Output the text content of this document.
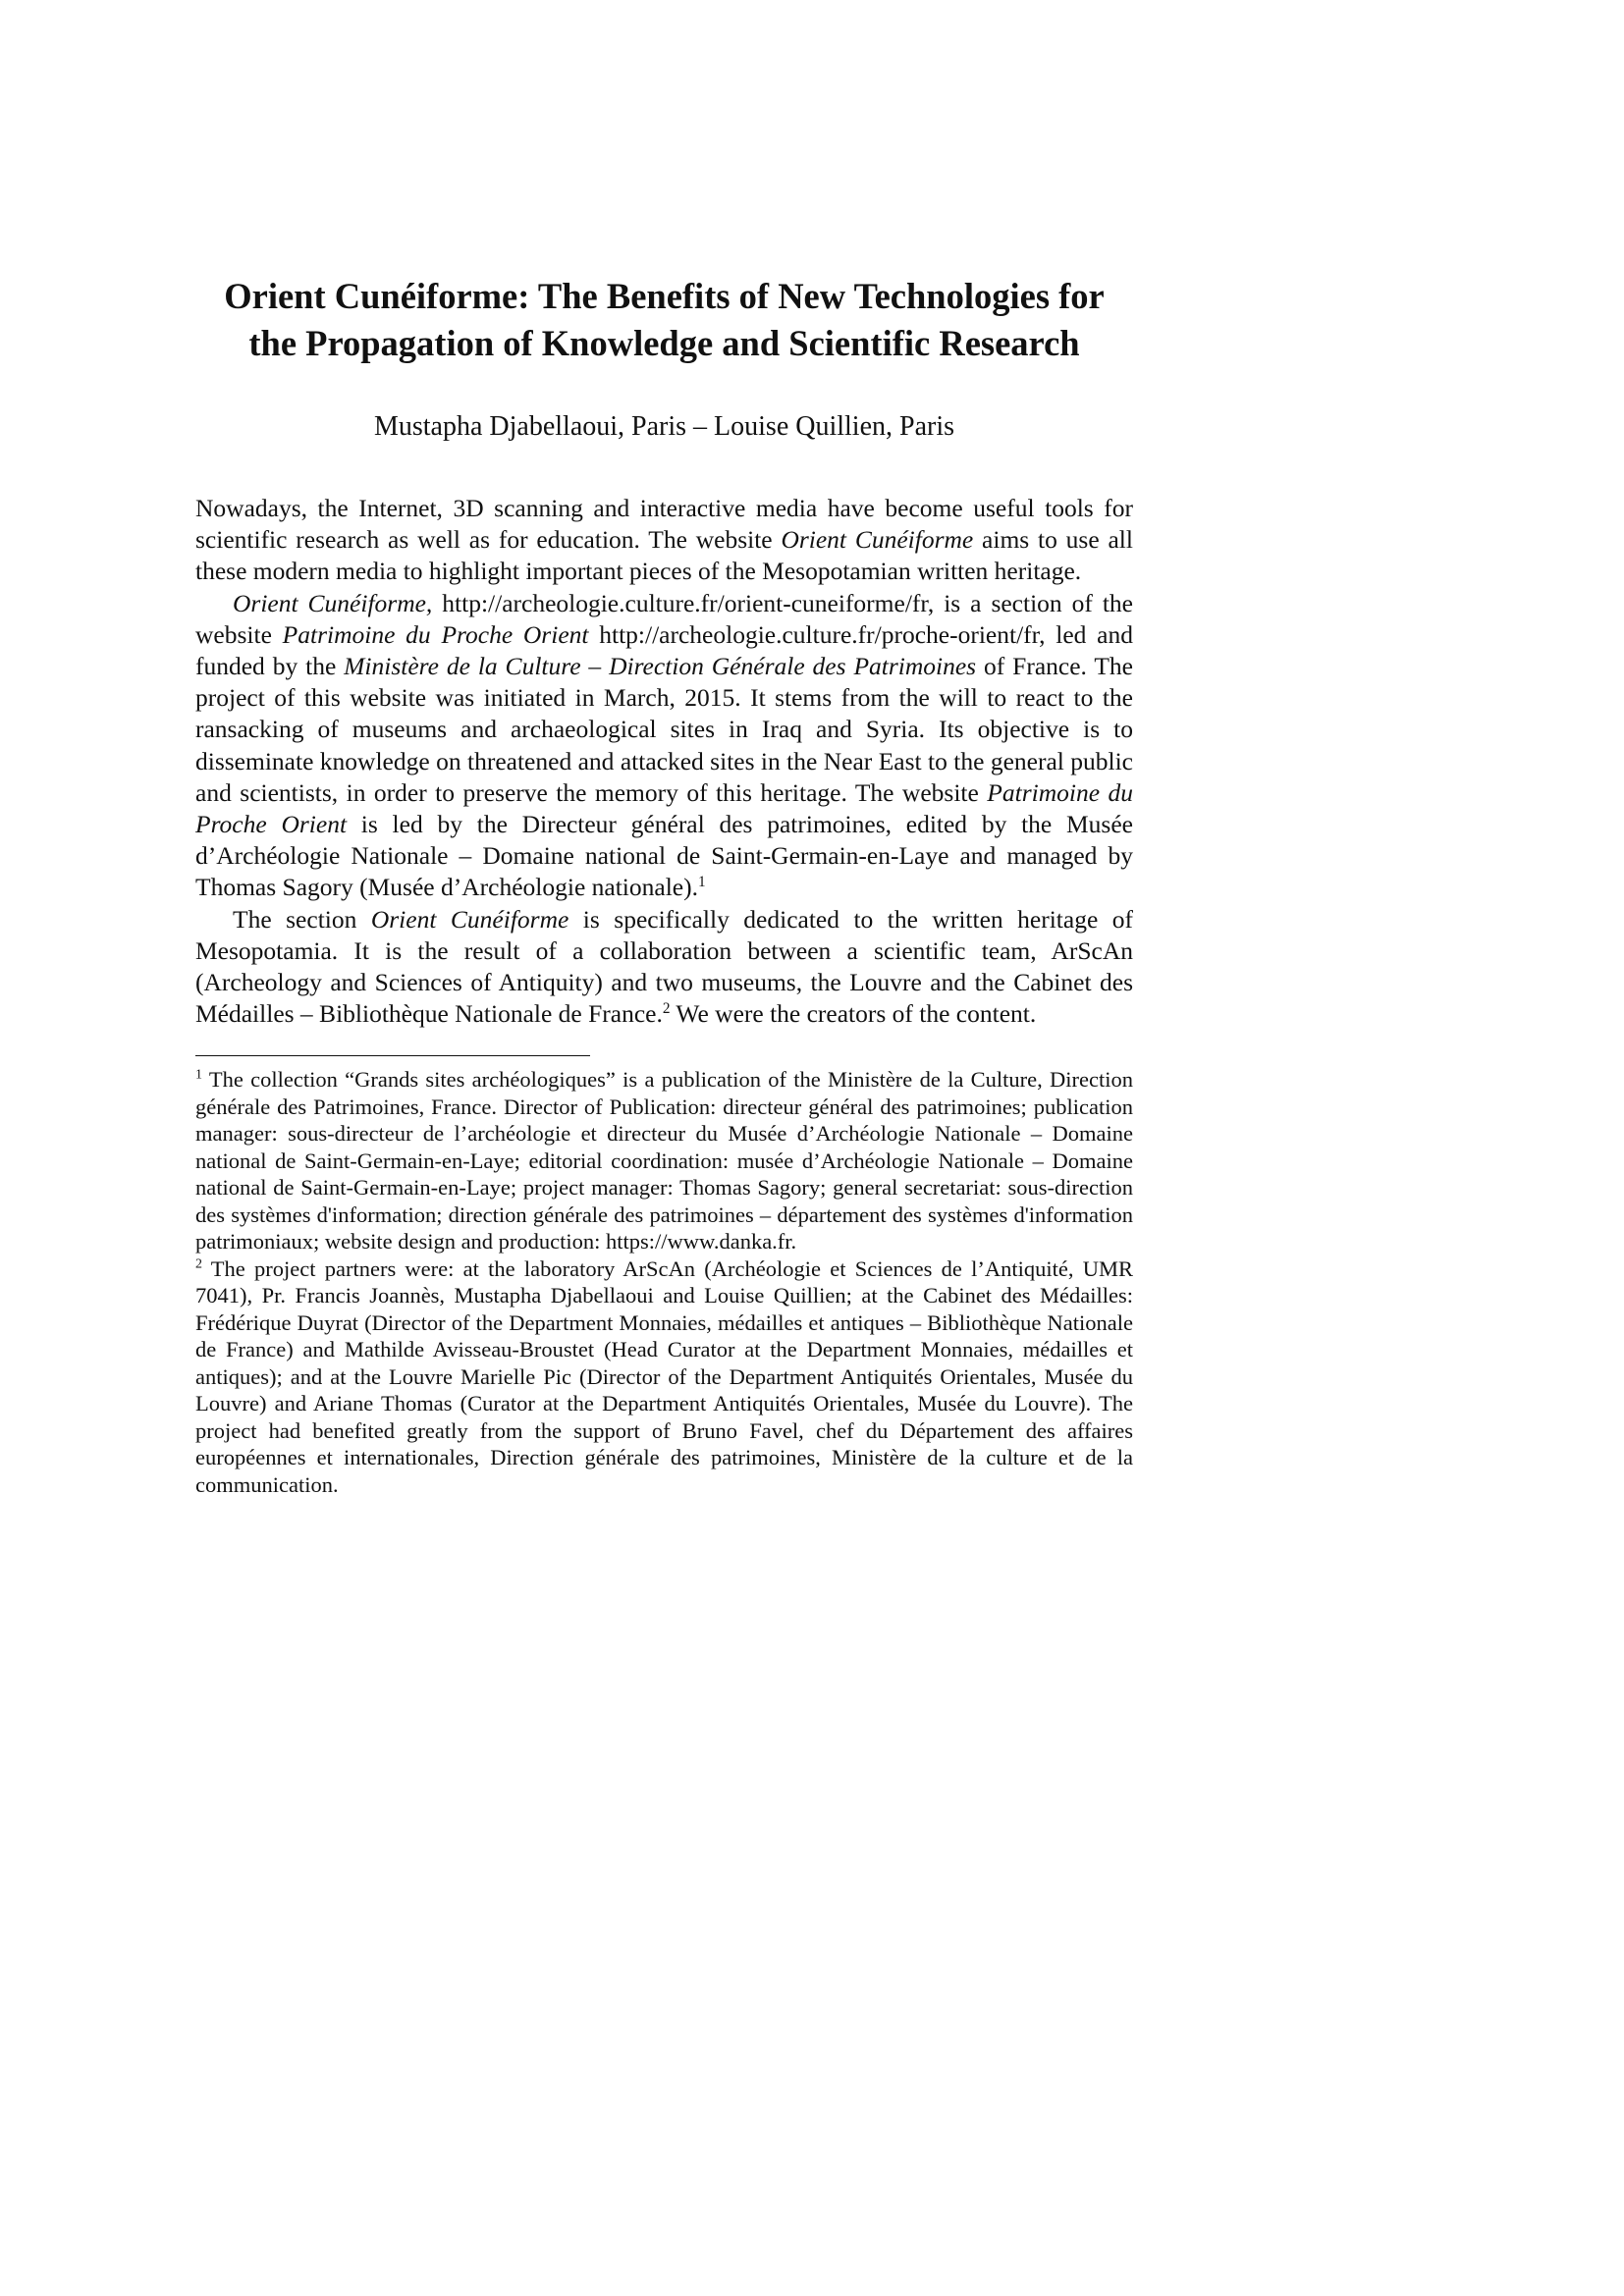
Orient Cunéiforme: The Benefits of New Technologies for
the Propagation of Knowledge and Scientific Research
Mustapha Djabellaoui, Paris – Louise Quillien, Paris

Nowadays, the Internet, 3D scanning and interactive media have become useful tools for scientific research as well as for education. The website Orient Cunéiforme aims to use all these modern media to highlight important pieces of the Mesopotamian written heritage.

Orient Cunéiforme, http://archeologie.culture.fr/orient-cuneiforme/fr, is a section of the website Patrimoine du Proche Orient http://archeologie.culture.fr/proche-orient/fr, led and funded by the Ministère de la Culture – Direction Générale des Patrimoines of France. The project of this website was initiated in March, 2015. It stems from the will to react to the ransacking of museums and archaeological sites in Iraq and Syria. Its objective is to disseminate knowledge on threatened and attacked sites in the Near East to the general public and scientists, in order to preserve the memory of this heritage. The website Patrimoine du Proche Orient is led by the Directeur général des patrimoines, edited by the Musée d’Archéologie Nationale – Domaine national de Saint-Germain-en-Laye and managed by Thomas Sagory (Musée d’Archéologie nationale).$^1$

The section Orient Cunéiforme is specifically dedicated to the written heritage of Mesopotamia. It is the result of a collaboration between a scientific team, ArScAn (Archeology and Sciences of Antiquity) and two museums, the Louvre and the Cabinet des Médailles – Bibliothèque Nationale de France.$^2$ We were the creators of the content.

$^1$ The collection “Grands sites archéologiques” is a publication of the Ministère de la Culture, Direction générale des Patrimoines, France. Director of Publication: directeur général des patrimoines; publication manager: sous-directeur de l’archéologie et directeur du Musée d’Archéologie Nationale – Domaine national de Saint-Germain-en-Laye; editorial coordination: musée d’Archéologie Nationale – Domaine national de Saint-Germain-en-Laye; project manager: Thomas Sagory; general secretariat: sous-direction des systèmes d'information; direction générale des patrimoines – département des systèmes d'information patrimoniaux; website design and production: https://www.danka.fr.

$^2$ The project partners were: at the laboratory ArScAn (Archéologie et Sciences de l’Antiquité, UMR 7041), Pr. Francis Joannès, Mustapha Djabellaoui and Louise Quillien; at the Cabinet des Médailles: Frédérique Duyrat (Director of the Department Monnaies, médailles et antiques – Bibliothèque Nationale de France) and Mathilde Avisseau-Broustet (Head Curator at the Department Monnaies, médailles et antiques); and at the Louvre Marielle Pic (Director of the Department Antiquités Orientales, Musée du Louvre) and Ariane Thomas (Curator at the Department Antiquités Orientales, Musée du Louvre). The project had benefited greatly from the support of Bruno Favel, chef du Département des affaires européennes et internationales, Direction générale des patrimoines, Ministère de la culture et de la communication.
